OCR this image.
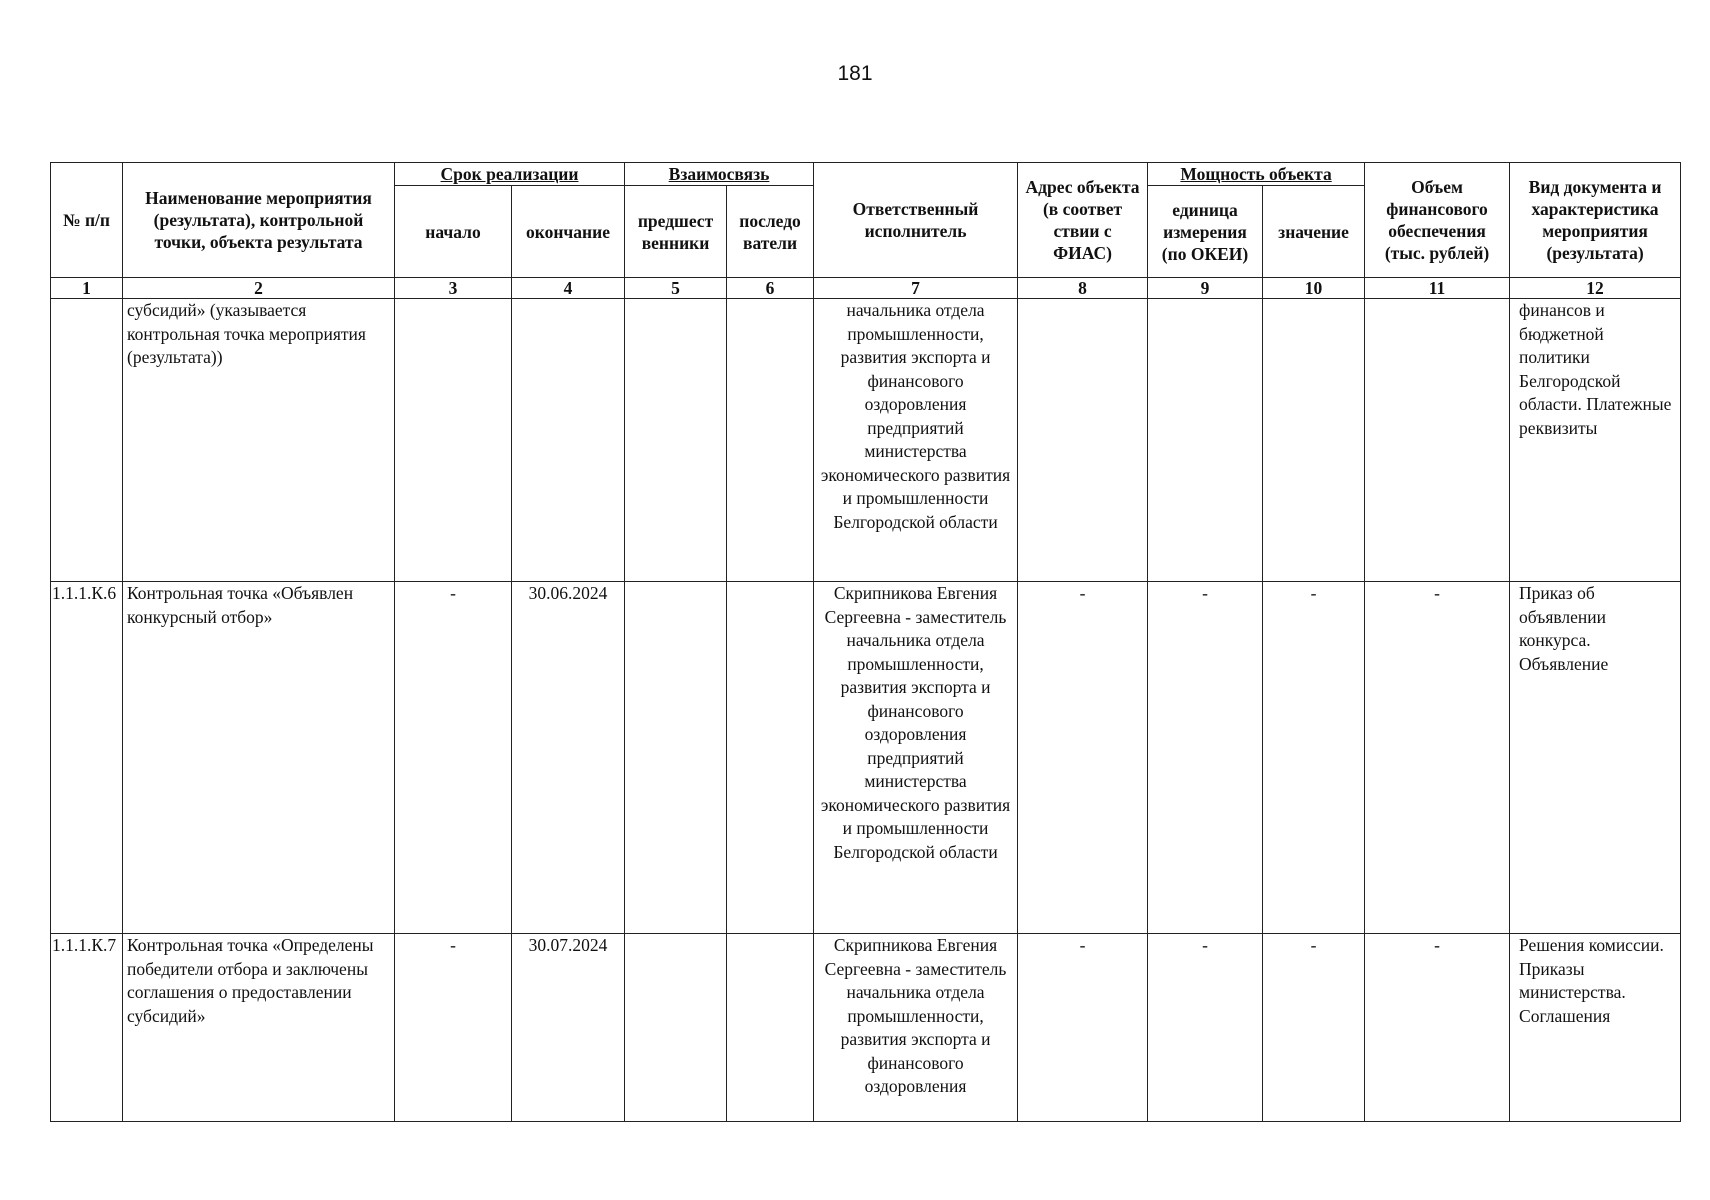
181
№ п/п	Наименование мероприятия (результата), контрольной точки, объекта результата	Срок реализации		Взаимосвязь		Ответственный исполнитель	Адрес объекта (в соответ ствии с ФИАС)	Мощность объекта		Объем финансового обеспечения (тыс. рублей)	Вид документа и характеристика мероприятия (результата)
		начало	окончание	предшест венники	последо ватели			единица измерения (по ОКЕИ)	значение		
1	2	3	4	5	6	7	8	9	10	11	12
	субсидий» (указывается контрольная точка мероприятия (результата))					начальника отдела промышленности, развития экспорта и финансового оздоровления предприятий министерства экономического развития и промышленности Белгородской области					финансов и бюджетной политики Белгородской области. Платежные реквизиты
1.1.1.К.6	Контрольная точка «Объявлен конкурсный отбор»	-	30.06.2024			Скрипникова Евгения Сергеевна - заместитель начальника отдела промышленности, развития экспорта и финансового оздоровления предприятий министерства экономического развития и промышленности Белгородской области	-	-	-	-	Приказ об объявлении конкурса. Объявление
1.1.1.К.7	Контрольная точка «Определены победители отбора и заключены соглашения о предоставлении субсидий»	-	30.07.2024			Скрипникова Евгения Сергеевна - заместитель начальника отдела промышленности, развития экспорта и финансового оздоровления	-	-	-	-	Решения комиссии. Приказы министерства. Соглашения
